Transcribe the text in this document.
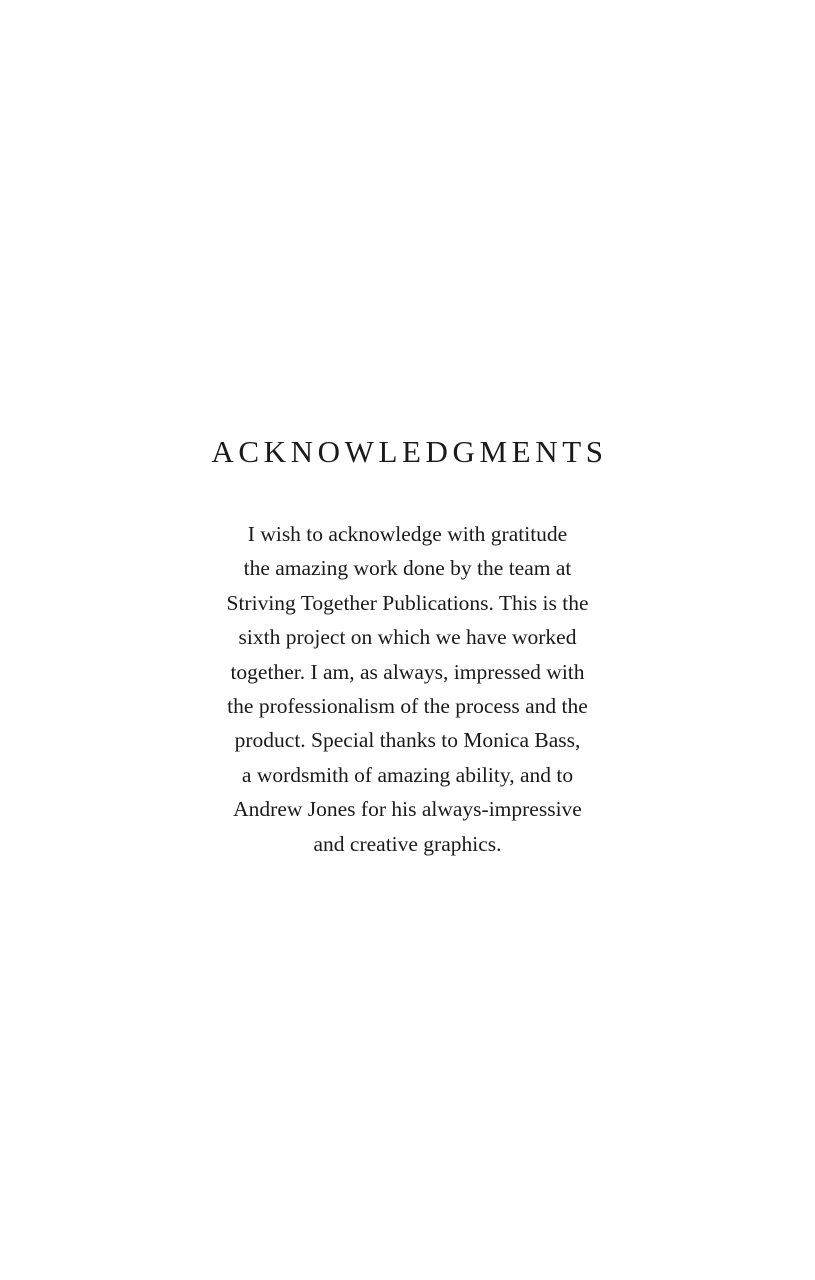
ACKNOWLEDGMENTS
I wish to acknowledge with gratitude
the amazing work done by the team at
Striving Together Publications. This is the
sixth project on which we have worked
together. I am, as always, impressed with
the professionalism of the process and the
product. Special thanks to Monica Bass,
a wordsmith of amazing ability, and to
Andrew Jones for his always-impressive
and creative graphics.
